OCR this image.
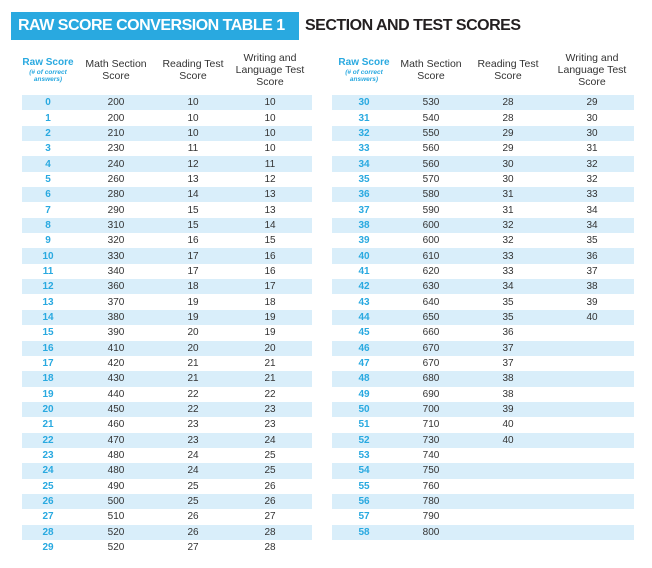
RAW SCORE CONVERSION TABLE 1	SECTION AND TEST SCORES
Raw Score
(# of correct answers)	Math Section Score	Reading Test Score	Writing and Language Test Score
0	200	10	10
1	200	10	10
2	210	10	10
3	230	11	10
4	240	12	11
5	260	13	12
6	280	14	13
7	290	15	13
8	310	15	14
9	320	16	15
10	330	17	16
11	340	17	16
12	360	18	17
13	370	19	18
14	380	19	19
15	390	20	19
16	410	20	20
17	420	21	21
18	430	21	21
19	440	22	22
20	450	22	23
21	460	23	23
22	470	23	24
23	480	24	25
24	480	24	25
25	490	25	26
26	500	25	26
27	510	26	27
28	520	26	28
29	520	27	28
Raw Score
(# of correct answers)	Math Section Score	Reading Test Score	Writing and Language Test Score
30	530	28	29
31	540	28	30
32	550	29	30
33	560	29	31
34	560	30	32
35	570	30	32
36	580	31	33
37	590	31	34
38	600	32	34
39	600	32	35
40	610	33	36
41	620	33	37
42	630	34	38
43	640	35	39
44	650	35	40
45	660	36	
46	670	37	
47	670	37	
48	680	38	
49	690	38	
50	700	39	
51	710	40	
52	730	40	
53	740		
54	750		
55	760		
56	780		
57	790		
58	800		
